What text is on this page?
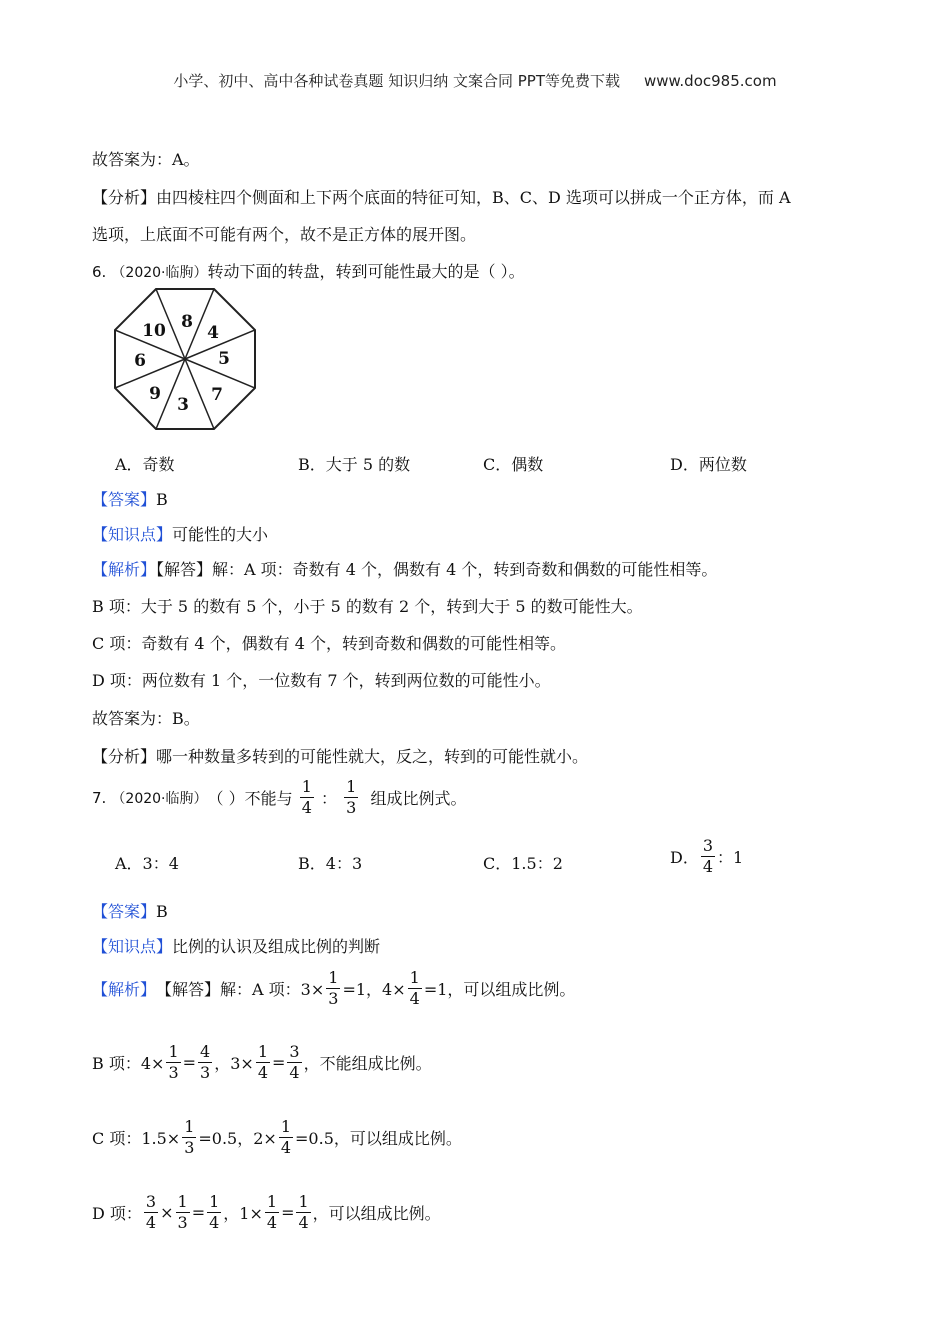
小学、初中、高中各种试卷真题 知识归纳 文案合同 PPT等免费下载 www.doc985.com
故答案为：A。
【分析】由四棱柱四个侧面和上下两个底面的特征可知，B、C、D 选项可以拼成一个正方体，而 A
选项，上底面不可能有两个，故不是正方体的展开图。
6. （2020·临朐）转动下面的转盘，转到可能性最大的是（ ）。
8
4
5
7
3
9
6
10
A．奇数	B．大于 5 的数	C．偶数	D．两位数
【答案】B
【知识点】可能性的大小
【解析】【解答】解：A 项：奇数有 4 个，偶数有 4 个，转到奇数和偶数的可能性相等。
B 项：大于 5 的数有 5 个，小于 5 的数有 2 个，转到大于 5 的数可能性大。
C 项：奇数有 4 个，偶数有 4 个，转到奇数和偶数的可能性相等。
D 项：两位数有 1 个，一位数有 7 个，转到两位数的可能性小。
故答案为：B。
【分析】哪一种数量多转到的可能性就大，反之，转到的可能性就小。
7.
（2020·临朐） （ ）不能与
$\frac{1}{4}$
：
$\frac{1}{3}$
组成比例式。
A．3：4	B．4：3	C．1.5：2	D． $\frac{3}{4}$ ：1
【答案】B
【知识点】比例的认识及组成比例的判断
【解析】 【解答】 解：A 项：$3\times \frac{1}{3} =1$，$4\times \frac{1}{4} =1$，可以组成比例。
B 项：$4\times \frac{1}{3} = \frac{4}{3}$ ，$3\times \frac{1}{4} = \frac{3}{4}$ ，不能组成比例。
C 项：$1.5\times \frac{1}{3} =0.5$，$2\times \frac{1}{4} =0.5$，可以组成比例。
D 项： $\frac{3}{4} \times \frac{1}{3} = \frac{1}{4}$ ，$1\times \frac{1}{4} = \frac{1}{4}$ ，可以组成比例。
